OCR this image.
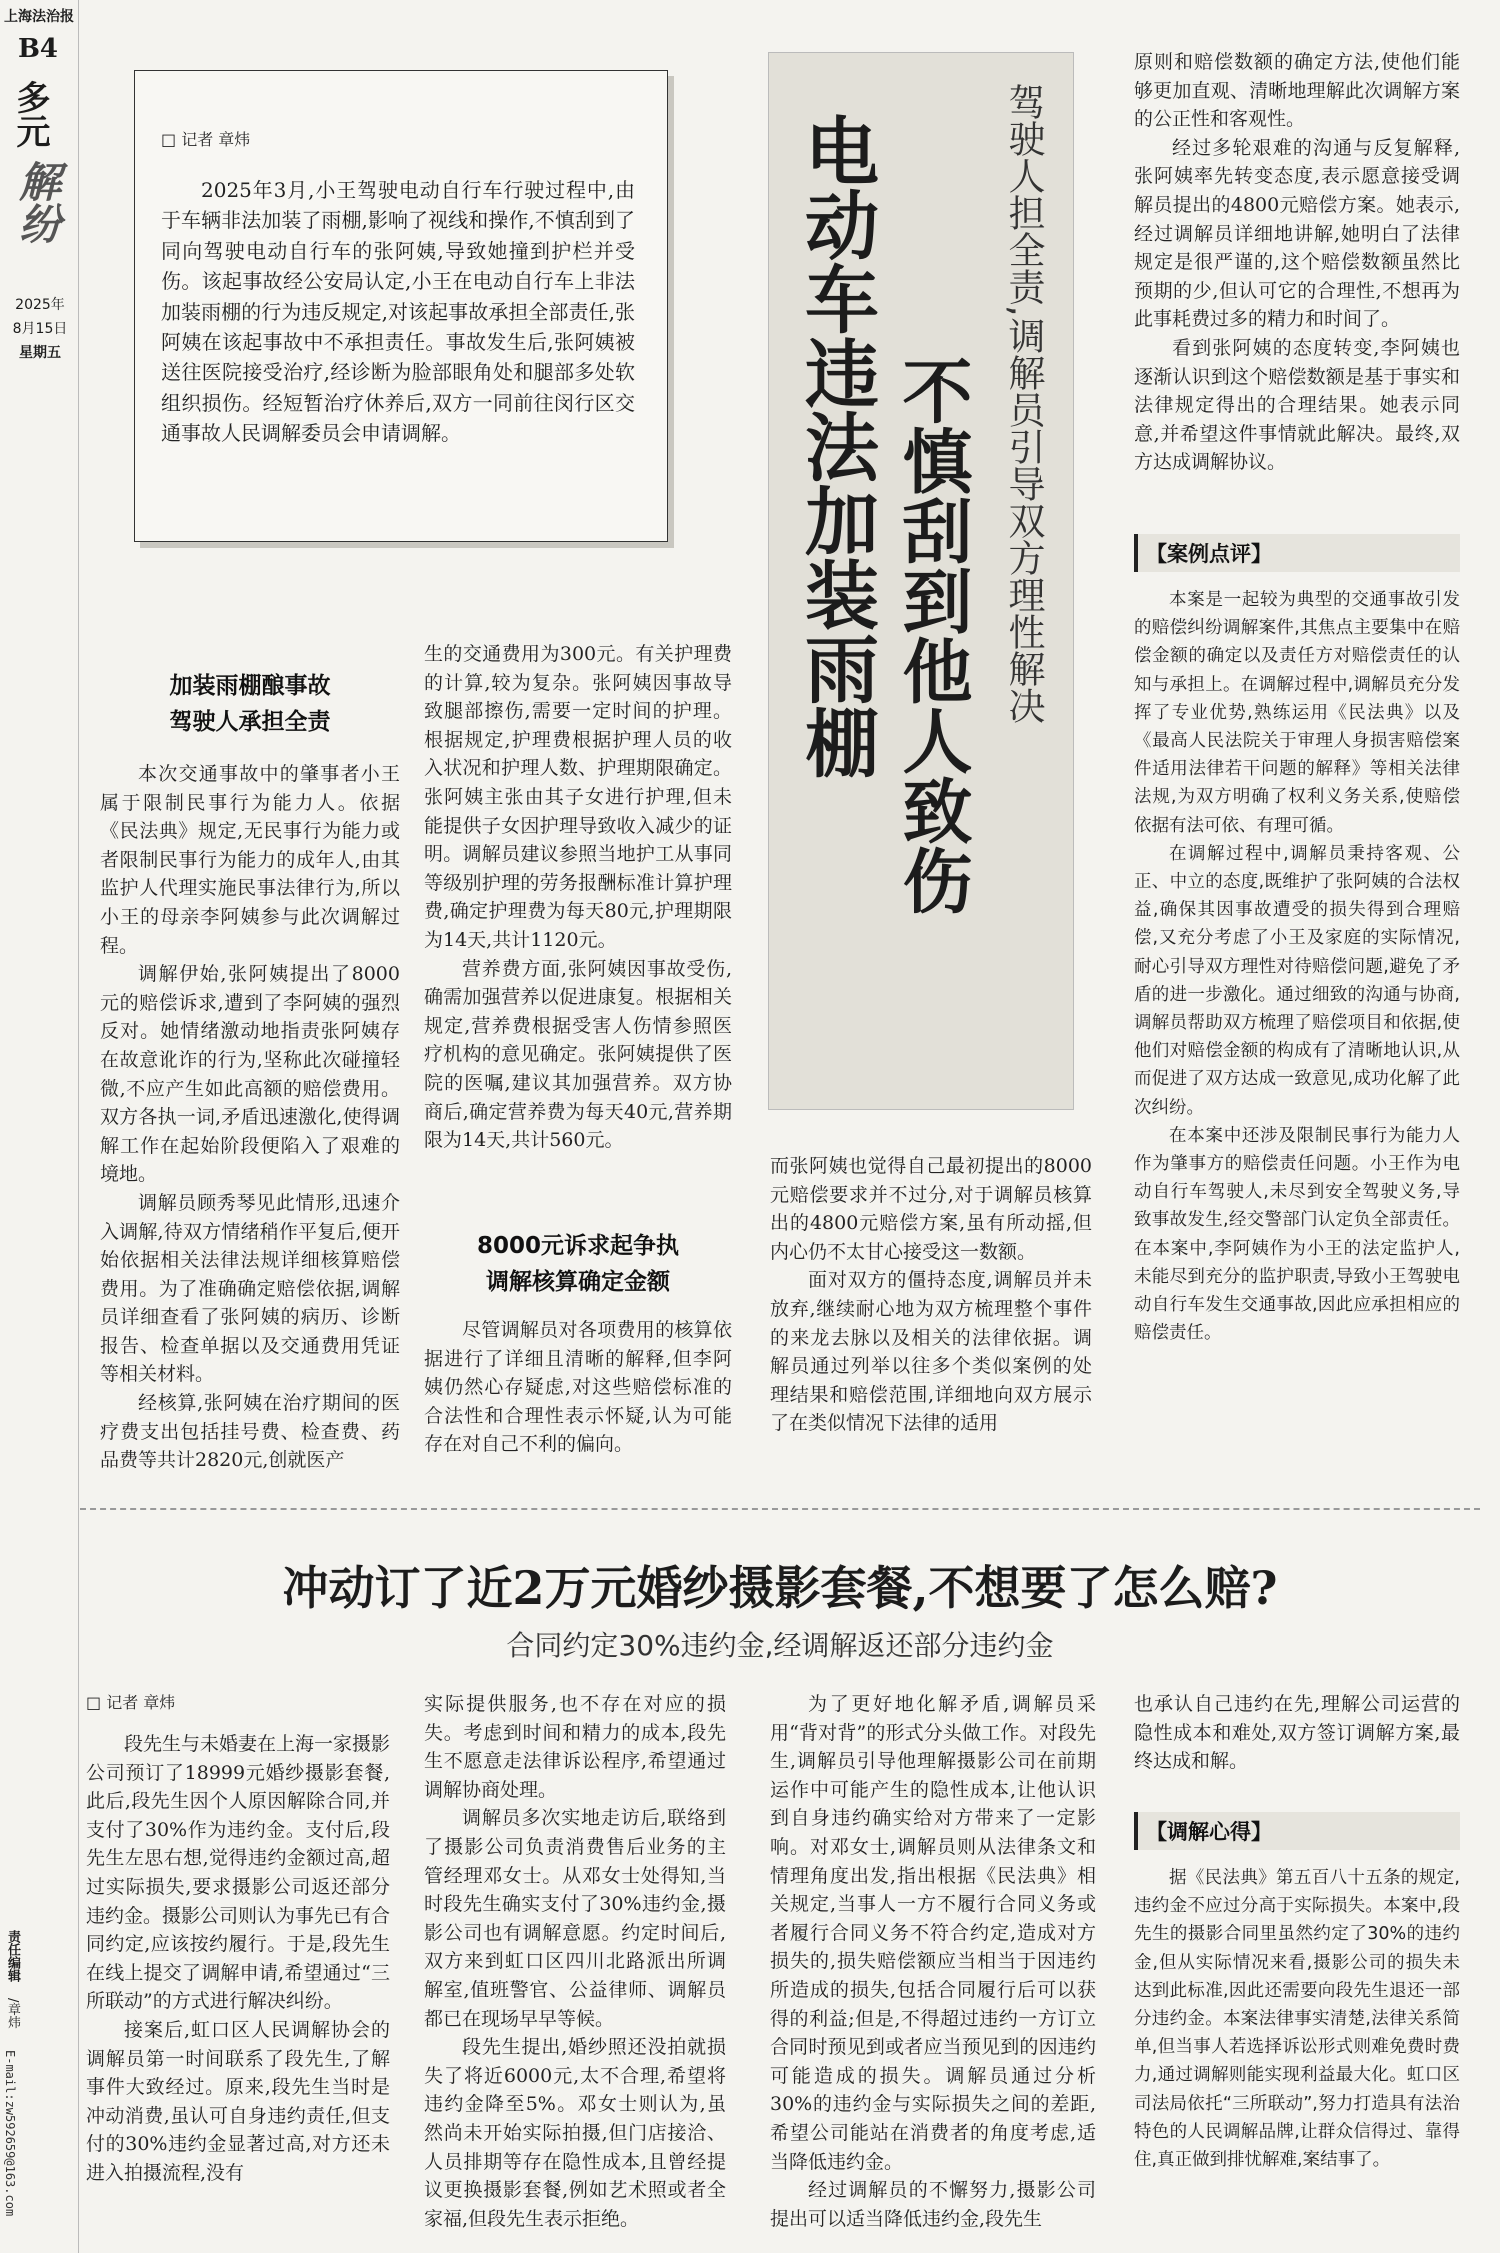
上海法治报
B4
多元
解纷
2025年
8月15日
星期五
责任编辑
/章炜
E-mail:zw592659@163.com
□ 记者 章炜

2025年3月,小王驾驶电动自行车行驶过程中,由于车辆非法加装了雨棚,影响了视线和操作,不慎刮到了同向驾驶电动自行车的张阿姨,导致她撞到护栏并受伤。该起事故经公安局认定,小王在电动自行车上非法加装雨棚的行为违反规定,对该起事故承担全部责任,张阿姨在该起事故中不承担责任。事故发生后,张阿姨被送往医院接受治疗,经诊断为脸部眼角处和腿部多处软组织损伤。经短暂治疗休养后,双方一同前往闵行区交通事故人民调解委员会申请调解。	电动车违法加装雨棚 不慎刮到他人致伤 驾驶人担全责,调解员引导双方理性解决
加装雨棚酿事故
驾驶人承担全责

本次交通事故中的肇事者小王属于限制民事行为能力人。依据《民法典》规定,无民事行为能力或者限制民事行为能力的成年人,由其监护人代理实施民事法律行为,所以小王的母亲李阿姨参与此次调解过程。

调解伊始,张阿姨提出了8000元的赔偿诉求,遭到了李阿姨的强烈反对。她情绪激动地指责张阿姨存在故意讹诈的行为,坚称此次碰撞轻微,不应产生如此高额的赔偿费用。双方各执一词,矛盾迅速激化,使得调解工作在起始阶段便陷入了艰难的境地。

调解员顾秀琴见此情形,迅速介入调解,待双方情绪稍作平复后,便开始依据相关法律法规详细核算赔偿费用。为了准确确定赔偿依据,调解员详细查看了张阿姨的病历、诊断报告、检查单据以及交通费用凭证等相关材料。

经核算,张阿姨在治疗期间的医疗费支出包括挂号费、检查费、药品费等共计2820元,创就医产

生的交通费用为300元。有关护理费的计算,较为复杂。张阿姨因事故导致腿部擦伤,需要一定时间的护理。根据规定,护理费根据护理人员的收入状况和护理人数、护理期限确定。张阿姨主张由其子女进行护理,但未能提供子女因护理导致收入减少的证明。调解员建议参照当地护工从事同等级别护理的劳务报酬标准计算护理费,确定护理费为每天80元,护理期限为14天,共计1120元。

营养费方面,张阿姨因事故受伤,确需加强营养以促进康复。根据相关规定,营养费根据受害人伤情参照医疗机构的意见确定。张阿姨提供了医院的医嘱,建议其加强营养。双方协商后,确定营养费为每天40元,营养期限为14天,共计560元。

8000元诉求起争执
调解核算确定金额

尽管调解员对各项费用的核算依据进行了详细且清晰的解释,但李阿姨仍然心存疑虑,对这些赔偿标准的合法性和合理性表示怀疑,认为可能存在对自己不利的偏向。

而张阿姨也觉得自己最初提出的8000元赔偿要求并不过分,对于调解员核算出的4800元赔偿方案,虽有所动摇,但内心仍不太甘心接受这一数额。

面对双方的僵持态度,调解员并未放弃,继续耐心地为双方梳理整个事件的来龙去脉以及相关的法律依据。调解员通过列举以往多个类似案例的处理结果和赔偿范围,详细地向双方展示了在类似情况下法律的适用

原则和赔偿数额的确定方法,使他们能够更加直观、清晰地理解此次调解方案的公正性和客观性。

经过多轮艰难的沟通与反复解释,张阿姨率先转变态度,表示愿意接受调解员提出的4800元赔偿方案。她表示,经过调解员详细地讲解,她明白了法律规定是很严谨的,这个赔偿数额虽然比预期的少,但认可它的合理性,不想再为此事耗费过多的精力和时间了。

看到张阿姨的态度转变,李阿姨也逐渐认识到这个赔偿数额是基于事实和法律规定得出的合理结果。她表示同意,并希望这件事情就此解决。最终,双方达成调解协议。

【案例点评】

本案是一起较为典型的交通事故引发的赔偿纠纷调解案件,其焦点主要集中在赔偿金额的确定以及责任方对赔偿责任的认知与承担上。在调解过程中,调解员充分发挥了专业优势,熟练运用《民法典》以及《最高人民法院关于审理人身损害赔偿案件适用法律若干问题的解释》等相关法律法规,为双方明确了权利义务关系,使赔偿依据有法可依、有理可循。

在调解过程中,调解员秉持客观、公正、中立的态度,既维护了张阿姨的合法权益,确保其因事故遭受的损失得到合理赔偿,又充分考虑了小王及家庭的实际情况,耐心引导双方理性对待赔偿问题,避免了矛盾的进一步激化。通过细致的沟通与协商,调解员帮助双方梳理了赔偿项目和依据,使他们对赔偿金额的构成有了清晰地认识,从而促进了双方达成一致意见,成功化解了此次纠纷。

在本案中还涉及限制民事行为能力人作为肇事方的赔偿责任问题。小王作为电动自行车驾驶人,未尽到安全驾驶义务,导致事故发生,经交警部门认定负全部责任。在本案中,李阿姨作为小王的法定监护人,未能尽到充分的监护职责,导致小王驾驶电动自行车发生交通事故,因此应承担相应的赔偿责任。

冲动订了近2万元婚纱摄影套餐,不想要了怎么赔?
合同约定30%违约金,经调解返还部分违约金
□ 记者 章炜

段先生与未婚妻在上海一家摄影公司预订了18999元婚纱摄影套餐,此后,段先生因个人原因解除合同,并支付了30%作为违约金。支付后,段先生左思右想,觉得违约金额过高,超过实际损失,要求摄影公司返还部分违约金。摄影公司则认为事先已有合同约定,应该按约履行。于是,段先生在线上提交了调解申请,希望通过“三所联动”的方式进行解决纠纷。

接案后,虹口区人民调解协会的调解员第一时间联系了段先生,了解事件大致经过。原来,段先生当时是冲动消费,虽认可自身违约责任,但支付的30%违约金显著过高,对方还未进入拍摄流程,没有

实际提供服务,也不存在对应的损失。考虑到时间和精力的成本,段先生不愿意走法律诉讼程序,希望通过调解协商处理。

调解员多次实地走访后,联络到了摄影公司负责消费售后业务的主管经理邓女士。从邓女士处得知,当时段先生确实支付了30%违约金,摄影公司也有调解意愿。约定时间后,双方来到虹口区四川北路派出所调解室,值班警官、公益律师、调解员都已在现场早早等候。

段先生提出,婚纱照还没拍就损失了将近6000元,太不合理,希望将违约金降至5%。邓女士则认为,虽然尚未开始实际拍摄,但门店接洽、人员排期等存在隐性成本,且曾经提议更换摄影套餐,例如艺术照或者全家福,但段先生表示拒绝。

为了更好地化解矛盾,调解员采用“背对背”的形式分头做工作。对段先生,调解员引导他理解摄影公司在前期运作中可能产生的隐性成本,让他认识到自身违约确实给对方带来了一定影响。对邓女士,调解员则从法律条文和情理角度出发,指出根据《民法典》相关规定,当事人一方不履行合同义务或者履行合同义务不符合约定,造成对方损失的,损失赔偿额应当相当于因违约所造成的损失,包括合同履行后可以获得的利益;但是,不得超过违约一方订立合同时预见到或者应当预见到的因违约可能造成的损失。调解员通过分析30%的违约金与实际损失之间的差距,希望公司能站在消费者的角度考虑,适当降低违约金。

经过调解员的不懈努力,摄影公司提出可以适当降低违约金,段先生

也承认自己违约在先,理解公司运营的隐性成本和难处,双方签订调解方案,最终达成和解。

【调解心得】

据《民法典》第五百八十五条的规定,违约金不应过分高于实际损失。本案中,段先生的摄影合同里虽然约定了30%的违约金,但从实际情况来看,摄影公司的损失未达到此标准,因此还需要向段先生退还一部分违约金。本案法律事实清楚,法律关系简单,但当事人若选择诉讼形式则难免费时费力,通过调解则能实现利益最大化。虹口区司法局依托“三所联动”,努力打造具有法治特色的人民调解品牌,让群众信得过、靠得住,真正做到排忧解难,案结事了。
